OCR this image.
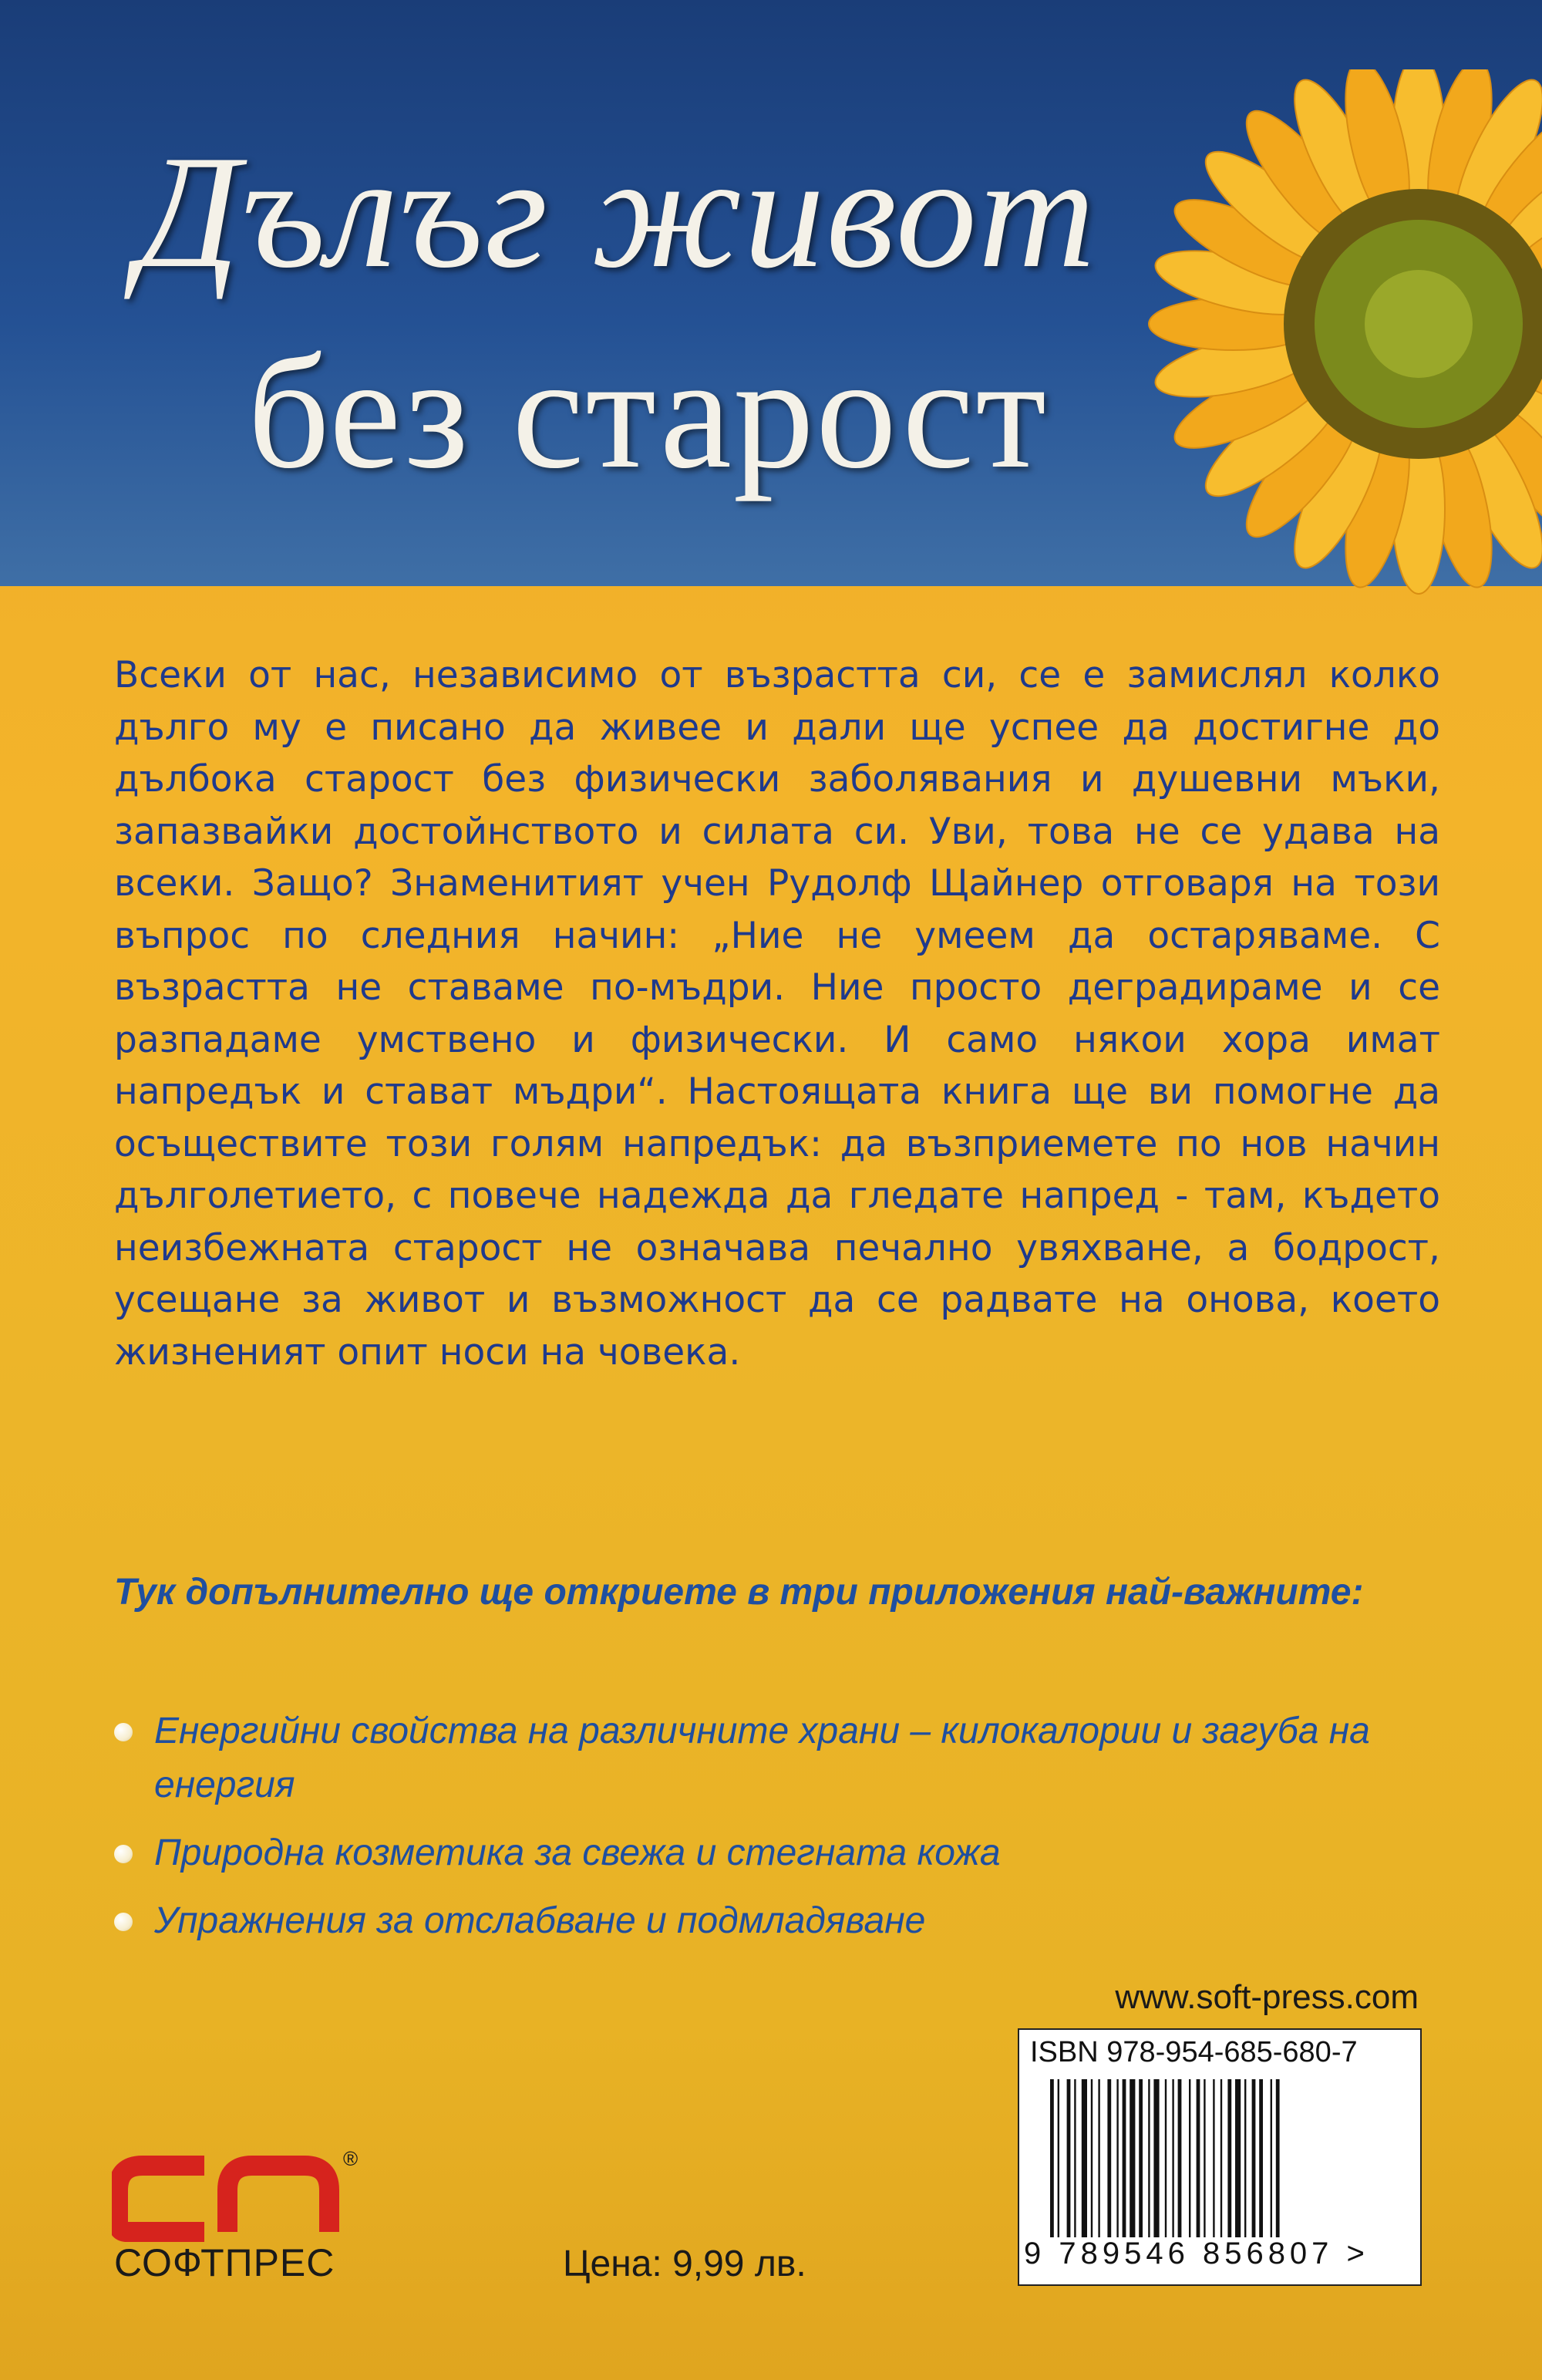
Дълъг живот
без старост

Всеки от нас, независимо от възрастта си, се е замислял колко дълго му е писано да живее и дали ще успее да достигне до дълбока старост без физически заболявания и душевни мъки, запазвайки достойнството и силата си. Уви, това не се удава на всеки. Защо? Знаменитият учен Рудолф Щайнер отговаря на този въпрос по следния начин: „Ние не умеем да остаряваме. С възрастта не ставаме по-мъдри. Ние просто деградираме и се разпадаме умствено и физически. И само някои хора имат напредък и стават мъдри“. Настоящата книга ще ви помогне да осъществите този голям напредък: да възприемете по нов начин дълголетието, с повече надежда да гледате напред - там, където неизбежната старост не означава печално увяхване, а бодрост, усещане за живот и възможност да се радвате на онова, което жизненият опит носи на човека.

Тук допълнително ще откриете в три приложения най-важните:

Енергийни свойства на различните храни – килокалории и загуба на енергия
Природна козметика за свежа и стегната кожа
Упражнения за отслабване и подмладяване
www.soft-press.com
ISBN 978-954-685-680-7
9 789546 856807 >
®
СОФТПРЕС	Цена: 9,99 лв.
